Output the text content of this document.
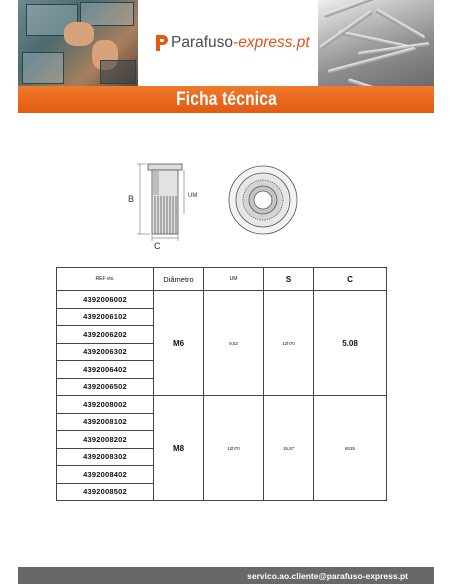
Parafuso-express.pt
Ficha técnica
B	UM
C
REF vis.	Diâmetro	UM	S	C
4392006002	M6	9,52	12h70	5.08
4392006102				
4392006202				
4392006302				
4392006402				
4392006502				
4392008002	M8	12h70	15,87	6h35
4392008102				
4392008202				
4392008302				
4392008402				
4392008502				
servico.ao.cliente@parafuso-express.pt
